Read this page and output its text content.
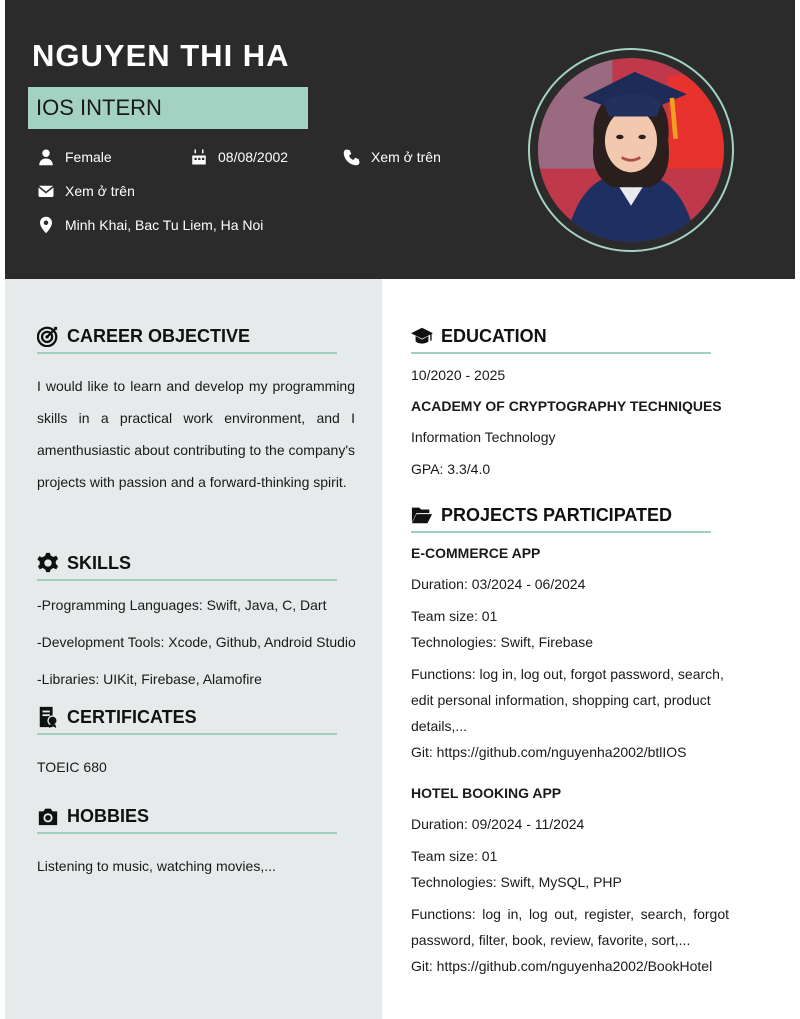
NGUYEN THI HA
IOS INTERN
Female	08/08/2002	Xem ở trên
Xem ở trên
Minh Khai, Bac Tu Liem, Ha Noi
CAREER OBJECTIVE
I would like to learn and develop my programming skills in a practical work environment, and I amenthusiastic about contributing to the company's projects with passion and a forward-thinking spirit.
SKILLS
-Programming Languages: Swift, Java, C, Dart
-Development Tools: Xcode, Github, Android Studio
-Libraries: UIKit, Firebase, Alamofire
CERTIFICATES
TOEIC 680
HOBBIES
Listening to music, watching movies,...
EDUCATION
10/2020 - 2025
ACADEMY OF CRYPTOGRAPHY TECHNIQUES
Information Technology
GPA: 3.3/4.0
PROJECTS PARTICIPATED
E-COMMERCE APP
Duration: 03/2024 - 06/2024
Team size: 01
Technologies: Swift, Firebase
Functions: log in, log out, forgot password, search, edit personal information, shopping cart, product details,...
Git: https://github.com/nguyenha2002/btlIOS
HOTEL BOOKING APP
Duration: 09/2024 - 11/2024
Team size: 01
Technologies: Swift, MySQL, PHP
Functions: log in, log out, register, search, forgot password, filter, book, review, favorite, sort,...
Git: https://github.com/nguyenha2002/BookHotel
